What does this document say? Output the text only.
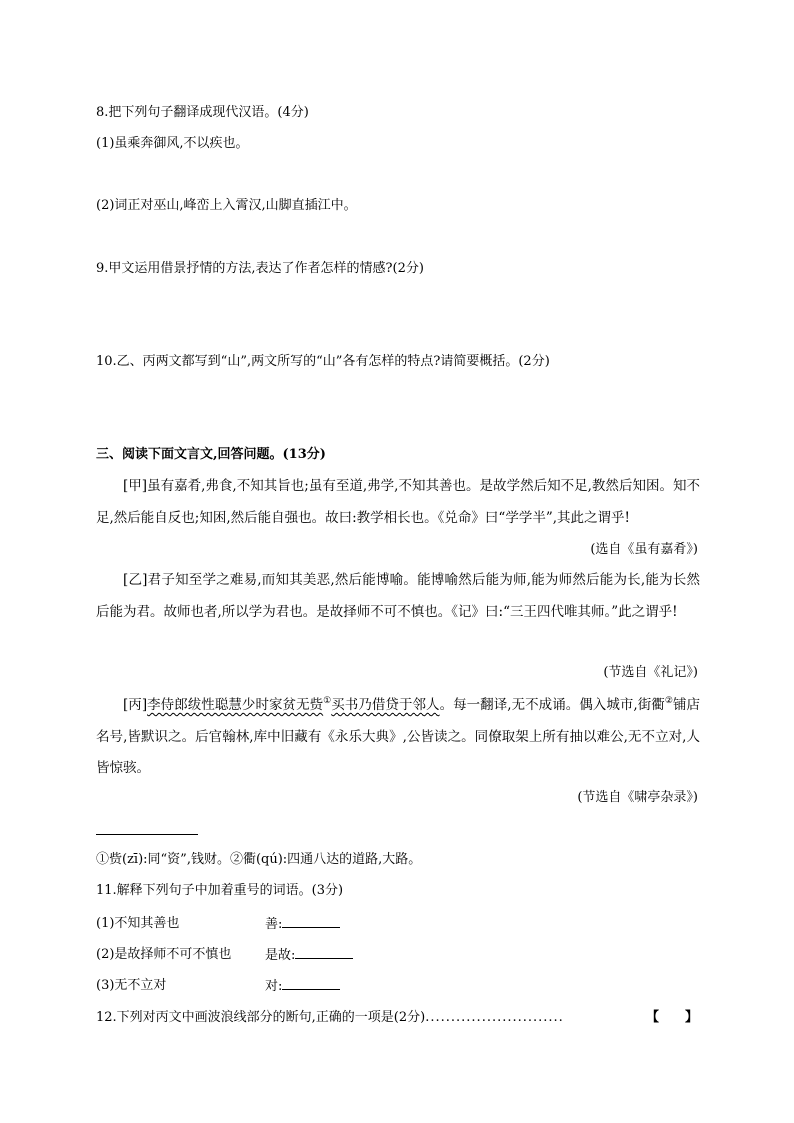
8.把下列句子翻译成现代汉语。(4分)
(1)虽乘奔御风,不以疾也。
(2)词正对巫山,峰峦上入霄汉,山脚直插江中。
9.甲文运用借景抒情的方法,表达了作者怎样的情感?(2分)
10.乙、丙两文都写到“山”,两文所写的“山”各有怎样的特点?请简要概括。(2分)
三、阅读下面文言文,回答问题。(13分)
[甲]虽有嘉肴,弗食,不知其旨也;虽有至道,弗学,不知其善也。是故学然后知不足,教然后知困。知不足,然后能自反也;知困,然后能自强也。故曰:教学相长也。《兑命》曰“学学半”,其此之谓乎!
(选自《虽有嘉肴》)
[乙]君子知至学之难易,而知其美恶,然后能博喻。能博喻然后能为师,能为师然后能为长,能为长然后能为君。故师也者,所以学为君也。是故择师不可不慎也。《记》曰:“三王四代唯其师。”此之谓乎!
(节选自《礼记》)
[丙]李侍郎绂性聪慧少时家贫无赀①买书乃借贷于邻人。每一翻译,无不成诵。偶入城市,街衢②铺店名号,皆默识之。后官翰林,库中旧藏有《永乐大典》,公皆读之。同僚取架上所有抽以难公,无不立对,人皆惊骇。
(节选自《啸亭杂录》)
①赀(zī):同“资”,钱财。②衢(qú):四通八达的道路,大路。
11.解释下列句子中加着重号的词语。(3分)
(1)不知其善也	善:
(2)是故择师不可不慎也	是故:
(3)无不立对	对:
12.下列对丙文中画波浪线部分的断句,正确的一项是(2分)...........................	【　　】
